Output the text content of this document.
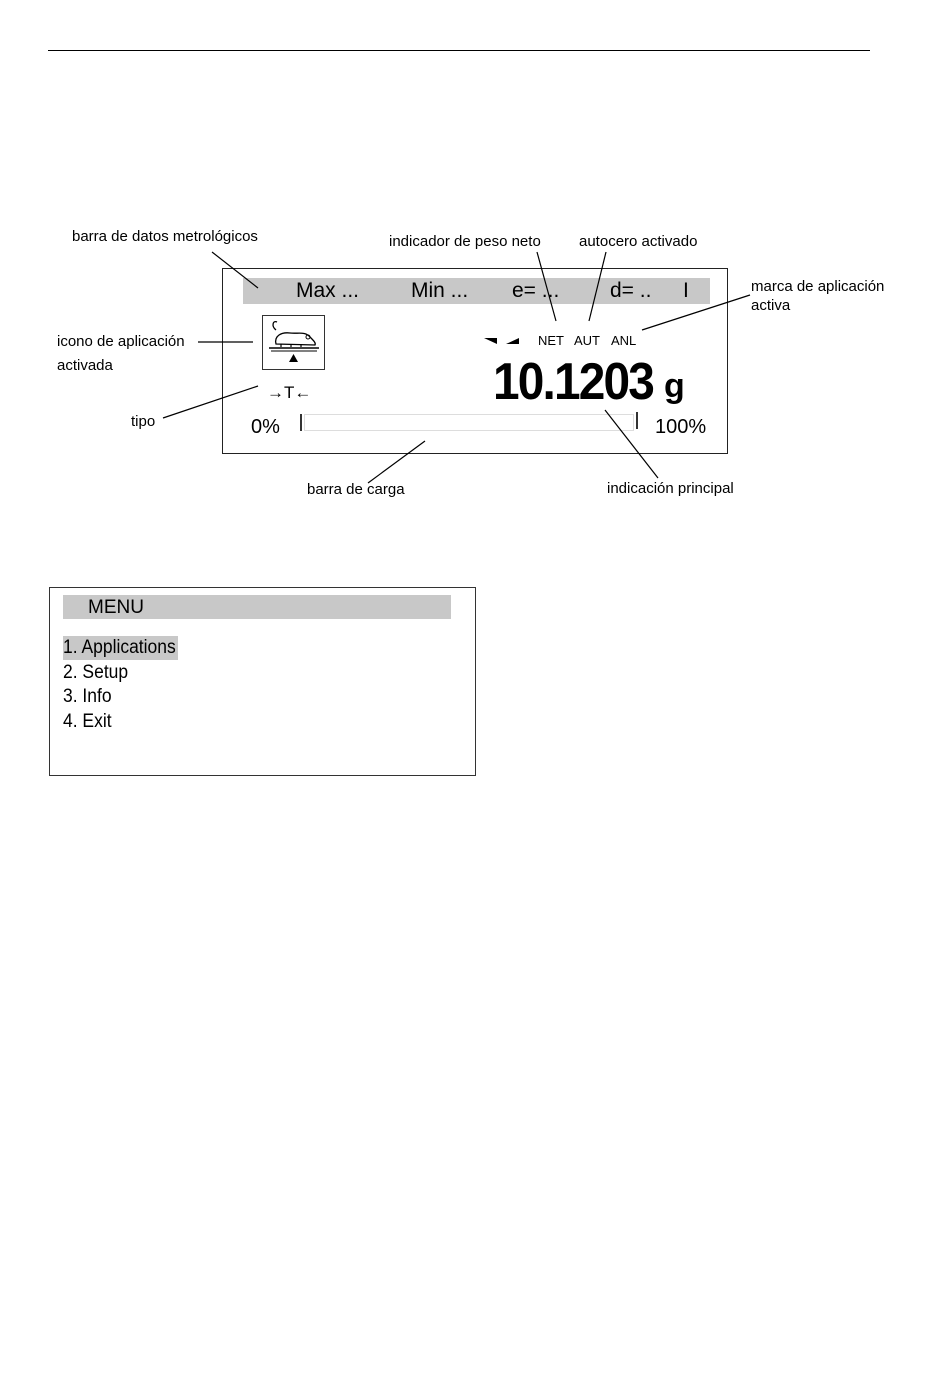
Max ... Min ... e= ... d= .. I
→T←
NET AUT ANL
10.1203 g
0%	100%
barra de datos metrológicos	indicador de peso neto	autocero activado
marca de aplicación
activa
icono de aplicación
activada
tipo
barra de carga	indicación principal
MENU
1. Applications
2. Setup
3. Info
4. Exit
